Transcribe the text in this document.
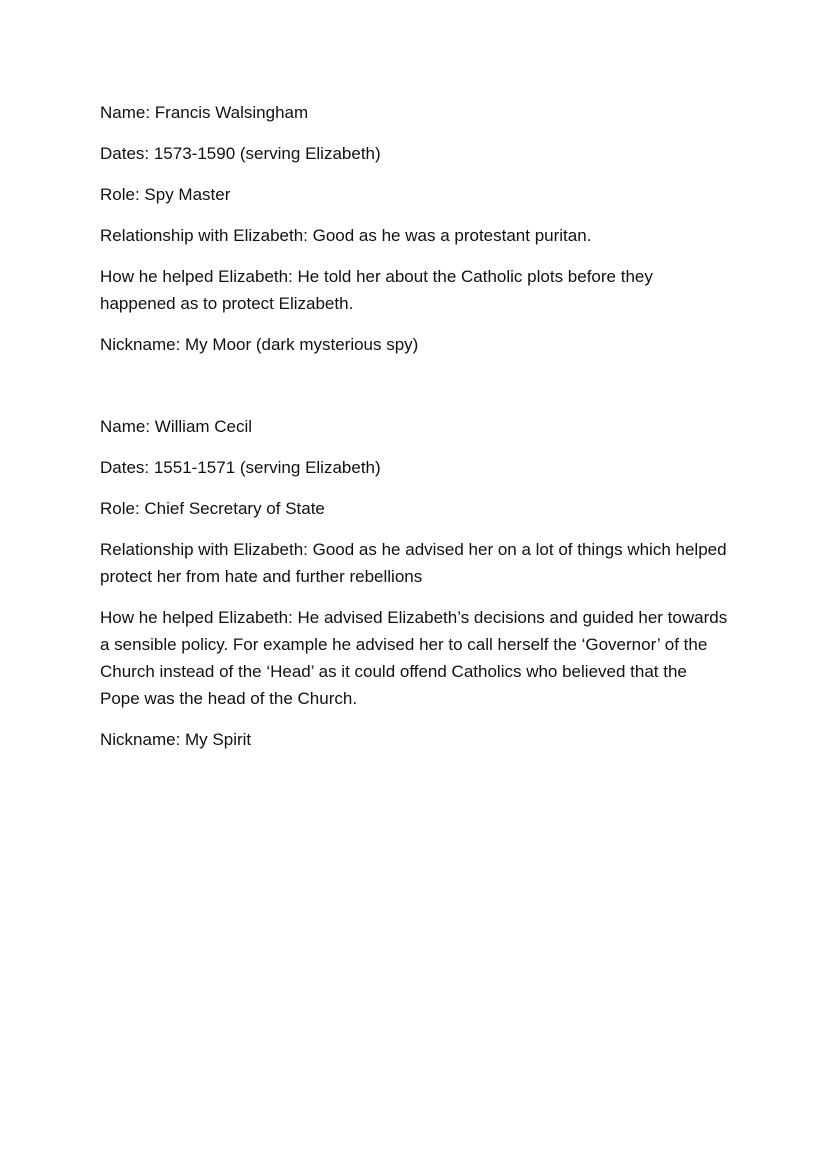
Name: Francis Walsingham

Dates: 1573-1590 (serving Elizabeth)

Role: Spy Master

Relationship with Elizabeth: Good as he was a protestant puritan.

How he helped Elizabeth: He told her about the Catholic plots before they happened as to protect Elizabeth.

Nickname: My Moor (dark mysterious spy)

Name: William Cecil

Dates: 1551-1571 (serving Elizabeth)

Role: Chief Secretary of State

Relationship with Elizabeth: Good as he advised her on a lot of things which helped protect her from hate and further rebellions

How he helped Elizabeth: He advised Elizabeth’s decisions and guided her towards a sensible policy. For example he advised her to call herself the ‘Governor’ of the Church instead of the ‘Head’ as it could offend Catholics who believed that the Pope was the head of the Church.

Nickname: My Spirit
